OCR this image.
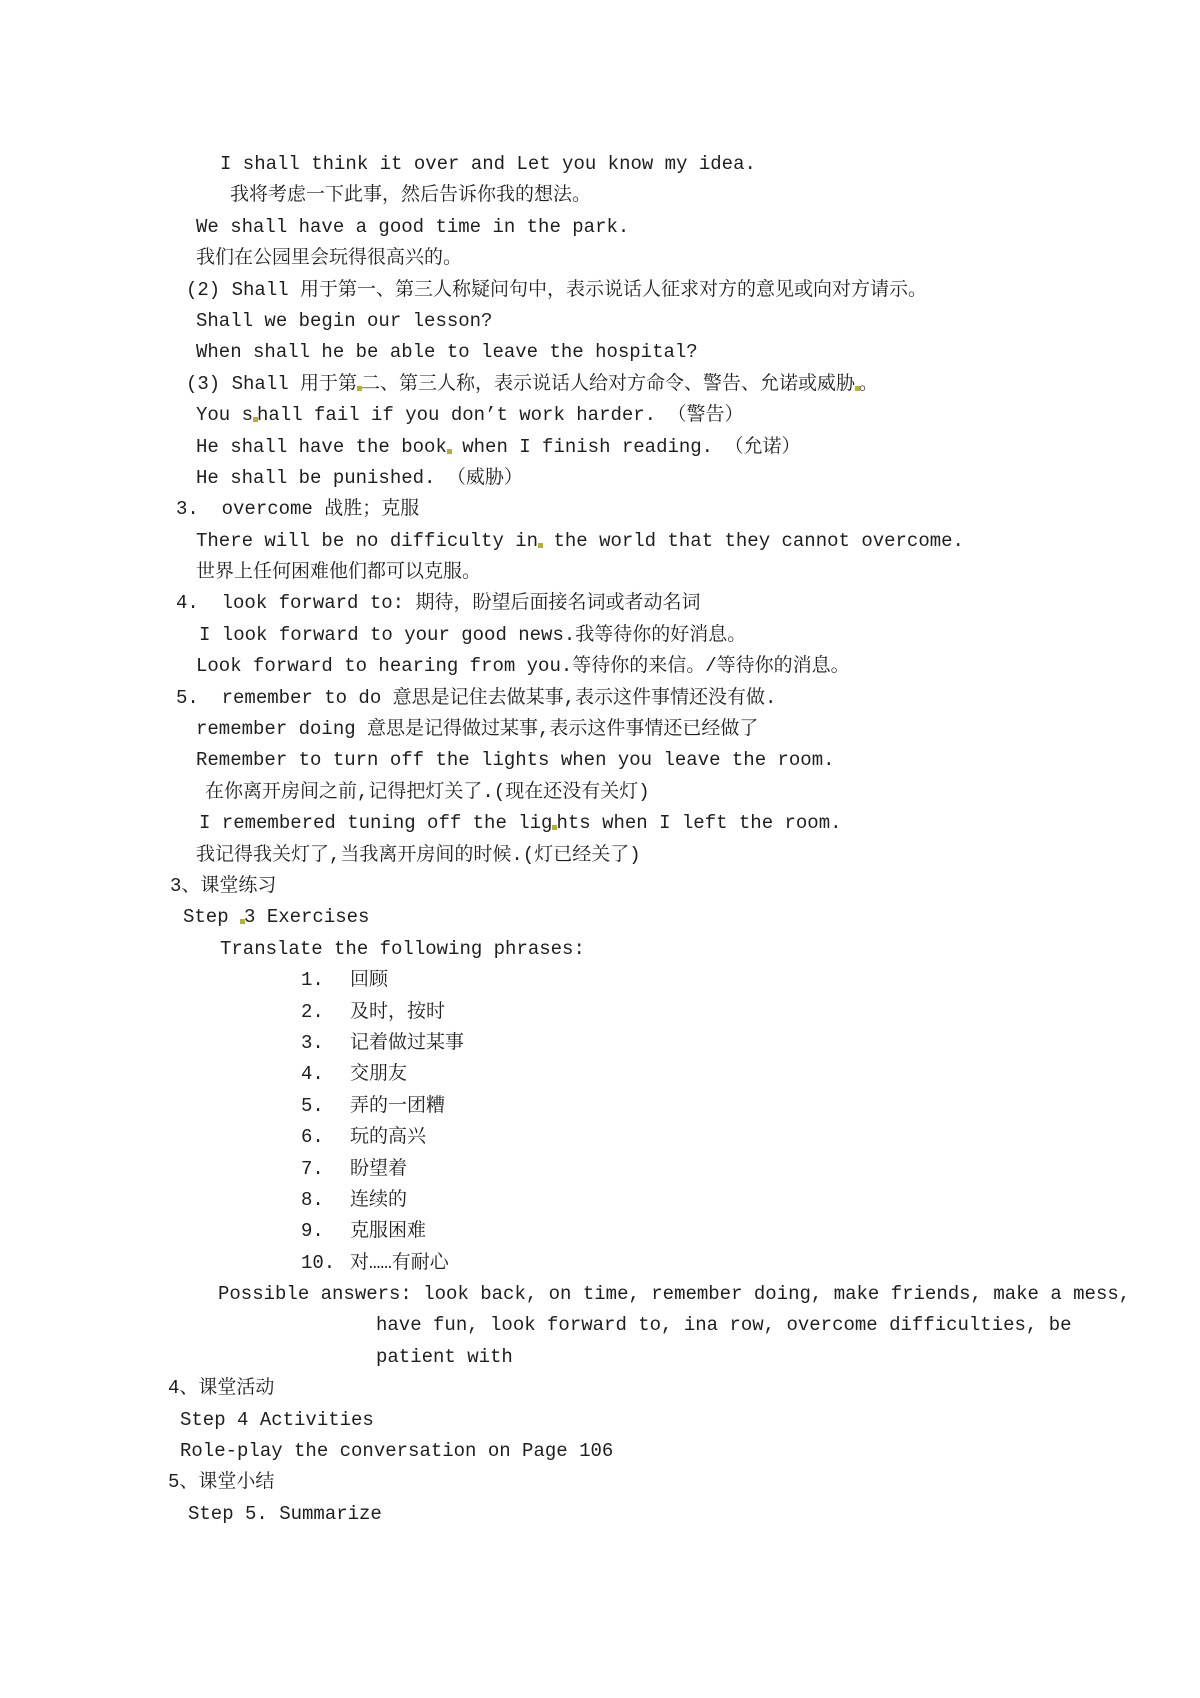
I shall think it over and Let you know my idea.
我将考虑一下此事，然后告诉你我的想法。
We shall have a good time in the park.
我们在公园里会玩得很高兴的。
(2) Shall 用于第一、第三人称疑问句中，表示说话人征求对方的意见或向对方请示。
Shall we begin our lesson?
When shall he be able to leave the hospital?
(3) Shall 用于第 二、第三人称，表示说话人给对方命令、警告、允诺或威胁 。
You s hall fail if you don’t work harder. （警告）
He shall have the book when I finish reading. （允诺）
He shall be punished. （威胁）
3.  overcome 战胜；克服
There will be no difficulty in the world that they cannot overcome.
世界上任何困难他们都可以克服。
4.  look forward to: 期待，盼望后面接名词或者动名词
I look forward to your good news.我等待你的好消息。
Look forward to hearing from you.等待你的来信。/等待你的消息。
5.  remember to do 意思是记住去做某事,表示这件事情还没有做.
remember doing 意思是记得做过某事,表示这件事情还已经做了
Remember to turn off the lights when you leave the room.
在你离开房间之前,记得把灯关了.(现在还没有关灯)
I remembered tuning off the lig hts when I left the room.
我记得我关灯了,当我离开房间的时候.(灯已经关了)
3、课堂练习
Step 3 Exercises
Translate the following phrases:
1. 回顾
2. 及时，按时
3. 记着做过某事
4. 交朋友
5. 弄的一团糟
6. 玩的高兴
7. 盼望着
8. 连续的
9. 克服困难
10. 对……有耐心
Possible answers: look back, on time, remember doing, make friends, make a mess,
have fun, look forward to, ina row, overcome difficulties, be
patient with
4、课堂活动
Step 4 Activities
Role-play the conversation on Page 106
5、课堂小结
Step 5. Summarize
